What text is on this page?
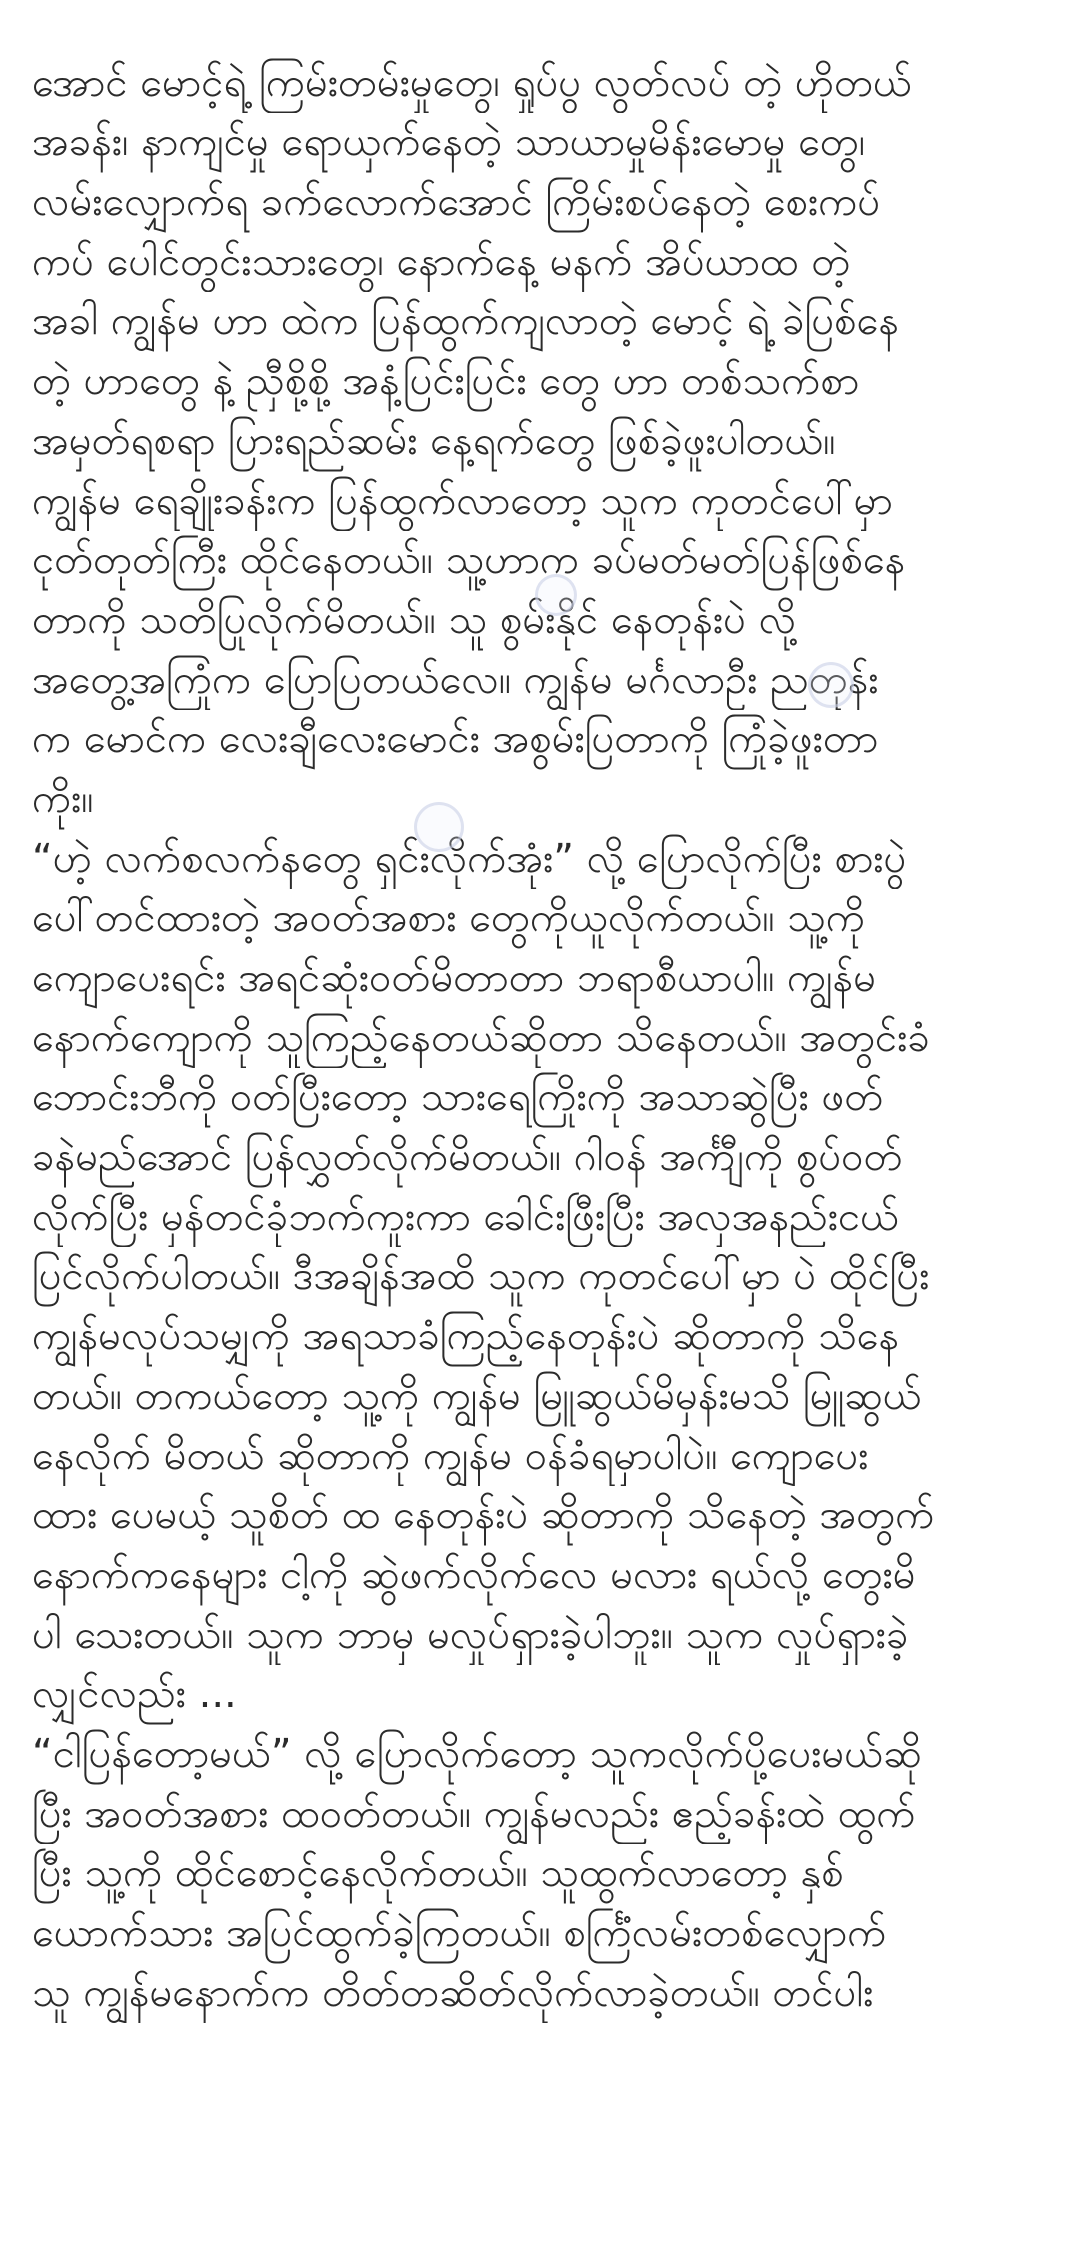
အောင် မောင့်ရဲ့ ကြမ်းတမ်းမှုတွေ၊ ရှုပ်ပွ လွတ်လပ် တဲ့ ဟိုတယ်
အခန်း၊ နာကျင်မှု ရောယှက်နေတဲ့ သာယာမှုမိန်းမောမှု တွေ၊
လမ်းလျှောက်ရ ခက်လောက်အောင် ကြိမ်းစပ်နေတဲ့ စေးကပ်
ကပ် ပေါင်တွင်းသားတွေ၊ နောက်နေ့ မနက် အိပ်ယာထ တဲ့
အခါ ကျွန်မ ဟာ ထဲက ပြန်ထွက်ကျလာတဲ့ မောင့် ရဲ့ ခဲပြစ်နေ
တဲ့ ဟာတွေ နဲ့ ညှီစို့စို့ အနံ့ပြင်းပြင်း တွေ ဟာ တစ်သက်စာ
အမှတ်ရစရာ ပြားရည်ဆမ်း နေ့ရက်တွေ ဖြစ်ခဲ့ဖူးပါတယ်။
ကျွန်မ ရေချိုးခန်းက ပြန်ထွက်လာတော့ သူက ကုတင်ပေါ်မှာ
ငုတ်တုတ်ကြီး ထိုင်နေတယ်။ သူ့ဟာက ခပ်မတ်မတ်ပြန်ဖြစ်နေ
တာကို သတိပြုလိုက်မိတယ်။ သူ စွမ်းနိုင် နေတုန်းပဲ လို့
အတွေ့အကြုံက ပြောပြတယ်လေ။ ကျွန်မ မင်္ဂလာဦး ညတုန်း
က မောင်က လေးချီလေးမောင်း အစွမ်းပြတာကို ကြုံခဲ့ဖူးတာ
ကိုး။
“ဟဲ့ လက်စလက်နတွေ ရှင်းလိုက်အုံး” လို့ ပြောလိုက်ပြီး စားပွဲ
ပေါ်တင်ထားတဲ့ အဝတ်အစား တွေကိုယူလိုက်တယ်။ သူ့ကို
ကျောပေးရင်း အရင်ဆုံးဝတ်မိတာတာ ဘရာစီယာပါ။ ကျွန်မ
နောက်ကျောကို သူကြည့်နေတယ်ဆိုတာ သိနေတယ်။ အတွင်းခံ
ဘောင်းဘီကို ဝတ်ပြီးတော့ သားရေကြိုးကို အသာဆွဲပြီး ဖတ်
ခနဲမည်အောင် ပြန်လွှတ်လိုက်မိတယ်။ ဂါဝန် အင်္ကျီကို စွပ်ဝတ်
လိုက်ပြီး မှန်တင်ခုံဘက်ကူးကာ ခေါင်းဖြီးပြီး အလှအနည်းငယ်
ပြင်လိုက်ပါတယ်။ ဒီအချိန်အထိ သူက ကုတင်ပေါ်မှာ ပဲ ထိုင်ပြီး
ကျွန်မလုပ်သမျှကို အရသာခံကြည့်နေတုန်းပဲ ဆိုတာကို သိနေ
တယ်။ တကယ်တော့ သူ့ကို ကျွန်မ မြူဆွယ်မိမှန်းမသိ မြူဆွယ်
နေလိုက် မိတယ် ဆိုတာကို ကျွန်မ ဝန်ခံရမှာပါပဲ။ ကျောပေး
ထား ပေမယ့် သူစိတ် ထ နေတုန်းပဲ ဆိုတာကို သိနေတဲ့ အတွက်
နောက်ကနေများ ငါ့ကို ဆွဲဖက်လိုက်လေ မလား ရယ်လို့ တွေးမိ
ပါ သေးတယ်။ သူက ဘာမှ မလှုပ်ရှားခဲ့ပါဘူး။ သူက လှုပ်ရှားခဲ့
လျှင်လည်း ...
“ငါပြန်တော့မယ်” လို့ ပြောလိုက်တော့ သူကလိုက်ပို့ပေးမယ်ဆို
ပြီး အဝတ်အစား ထဝတ်တယ်။ ကျွန်မလည်း ဧည့်ခန်းထဲ ထွက်
ပြီး သူ့ကို ထိုင်စောင့်နေလိုက်တယ်။ သူထွက်လာတော့ နှစ်
ယောက်သား အပြင်ထွက်ခဲ့ကြတယ်။ စင်္ကြံလမ်းတစ်လျှောက်
သူ ကျွန်မနောက်က တိတ်တဆိတ်လိုက်လာခဲ့တယ်။ တင်ပါး
